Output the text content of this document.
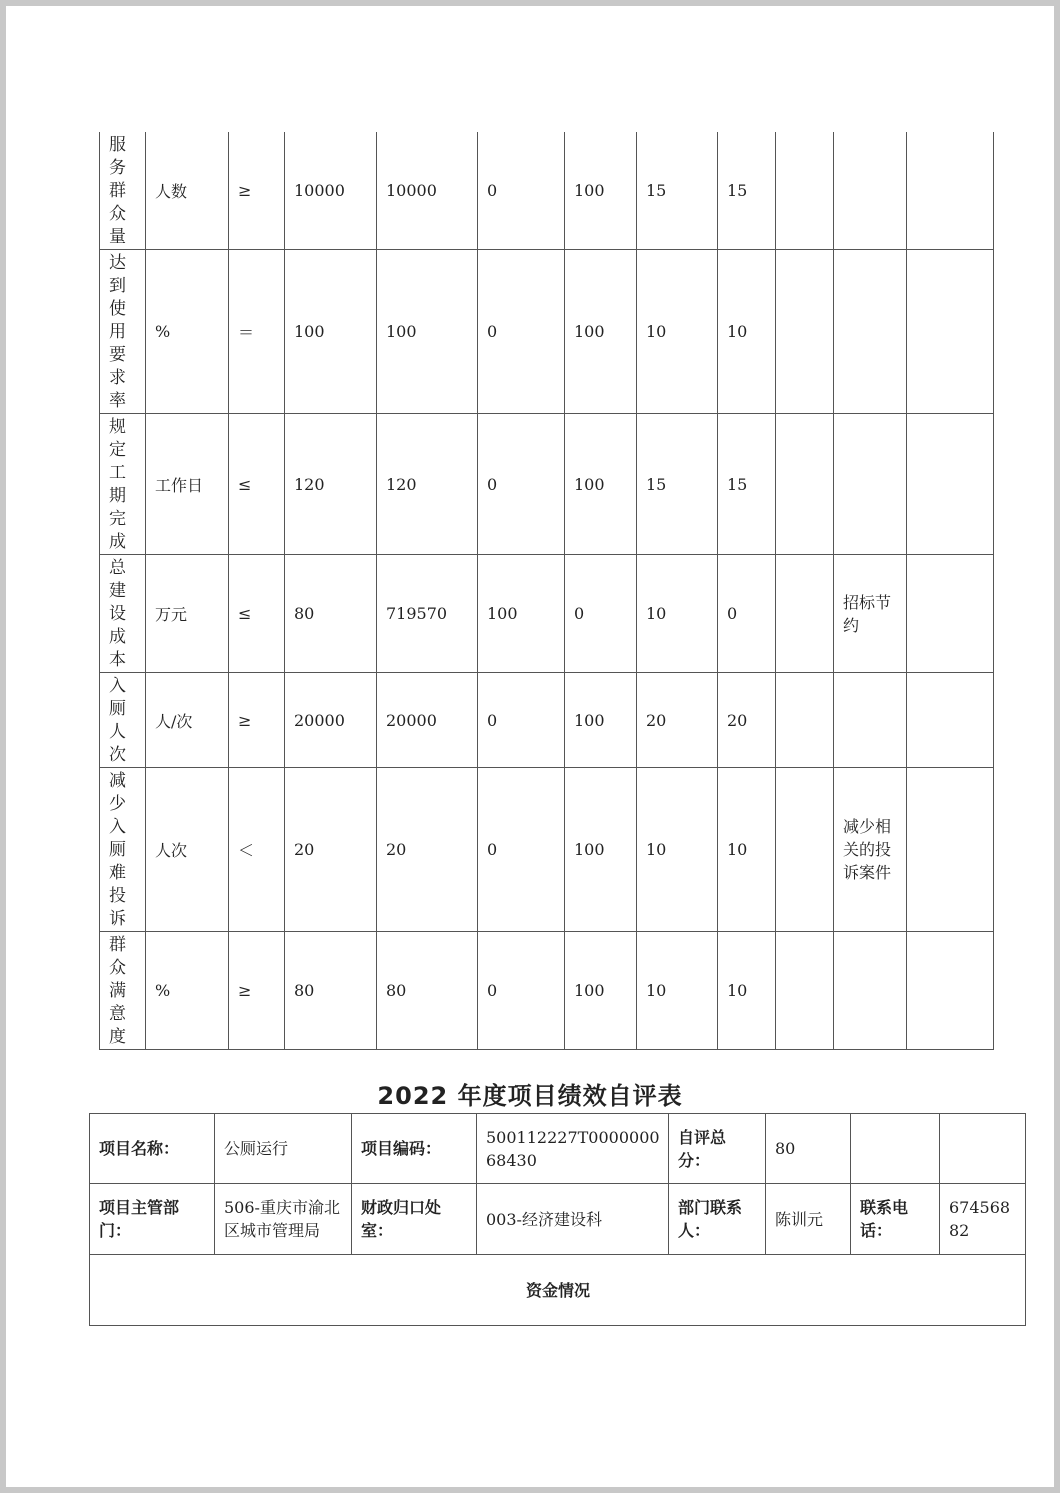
服务群众量	人数	≥	10000	10000	0	100	15	15			

达到使用要求率	%	＝	100	100	0	100	10	10			

规定工期完成	工作日	≤	120	120	0	100	15	15			

总建设成本	万元	≤	80	719570	100	0	10	0		招标节约	

入厕人次	人/次	≥	20000	20000	0	100	20	20			

减少入厕难投诉	人次	＜	20	20	0	100	10	10		减少相关的投诉案件	

群众满意度	%	≥	80	80	0	100	10	10			
2022 年度项目绩效自评表
项目名称：	公厕运行	项目编码：	500112227T000000068430	自评总分：	80		
项目主管部门：	506-重庆市渝北区城市管理局	财政归口处室：	003-经济建设科	部门联系人：	陈训元	联系电话：	67456882
资金情况							
